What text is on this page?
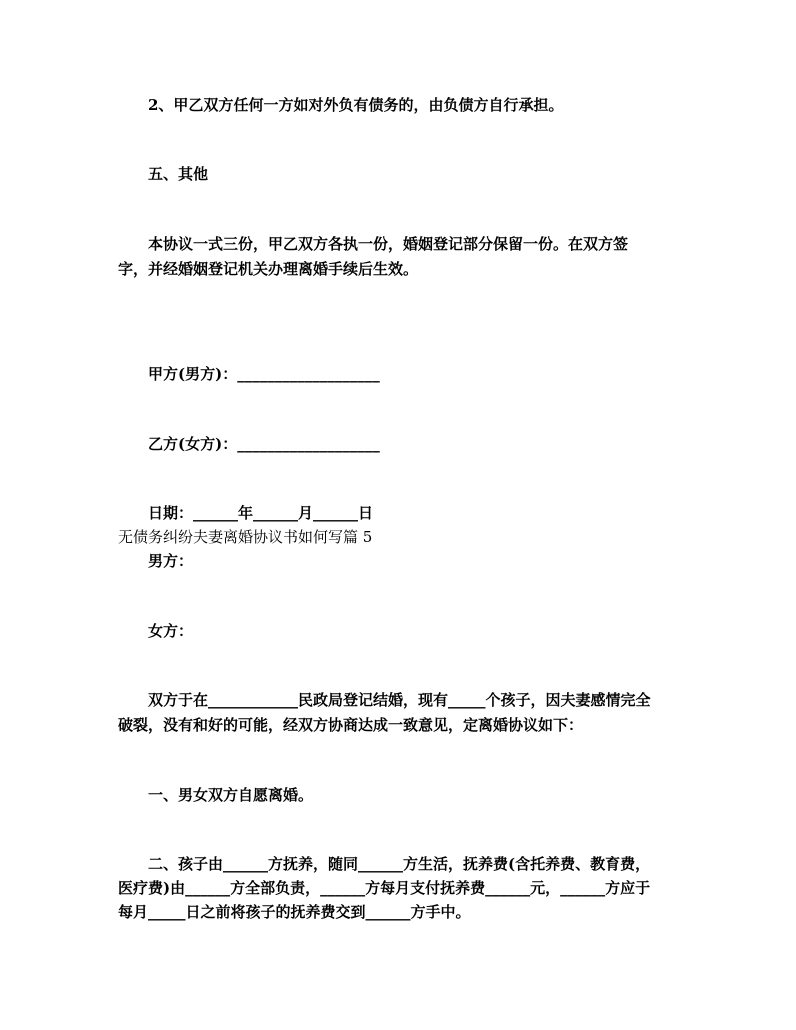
2、甲乙双方任何一方如对外负有债务的，由负债方自行承担。
五、其他
本协议一式三份，甲乙双方各执一份，婚姻登记部分保留一份。在双方签
字，并经婚姻登记机关办理离婚手续后生效。
甲方(男方)：___________________
乙方(女方)：___________________
日期：______年______月______日
无债务纠纷夫妻离婚协议书如何写篇 5
男方：
女方：
双方于在____________民政局登记结婚，现有_____个孩子，因夫妻感情完全
破裂，没有和好的可能，经双方协商达成一致意见，定离婚协议如下：
一、男女双方自愿离婚。
二、孩子由______方抚养，随同______方生活，抚养费(含托养费、教育费，
医疗费)由______方全部负责，______方每月支付抚养费______元，______方应于
每月_____日之前将孩子的抚养费交到______方手中。
